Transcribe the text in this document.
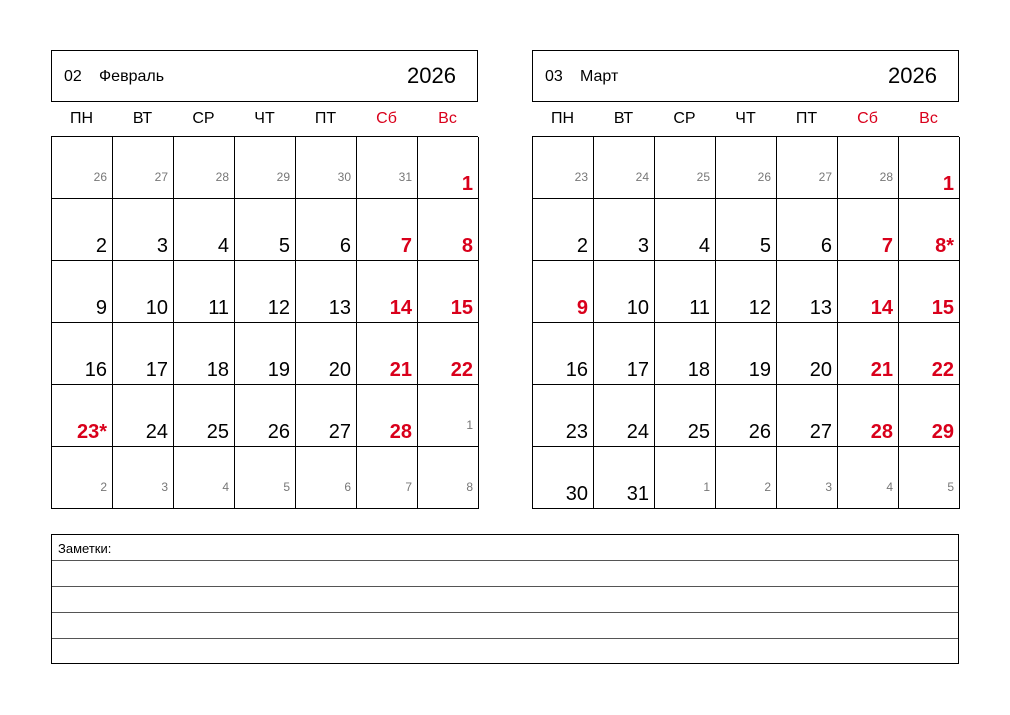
02 Февраль	2026
ПН	ВТ	СР	ЧТ	ПТ	Сб	Вс
26	27	28	29	30	31 1
2 3 4 5 6 7 8
9 10 11 12 13 14 15
16 17 18 19 20 21 22
23* 24 25 26 27 28	1
2	3	4	5	6	7	8
03 Март	2026
ПН	ВТ	СР	ЧТ	ПТ	Сб	Вс
23	24	25	26	27	28 1
2 3 4 5 6 7 8*
9 10 11 12 13 14 15
16 17 18 19 20 21 22
23 24 25 26 27 28 29
30 31	1	2	3	4	5
Заметки:
